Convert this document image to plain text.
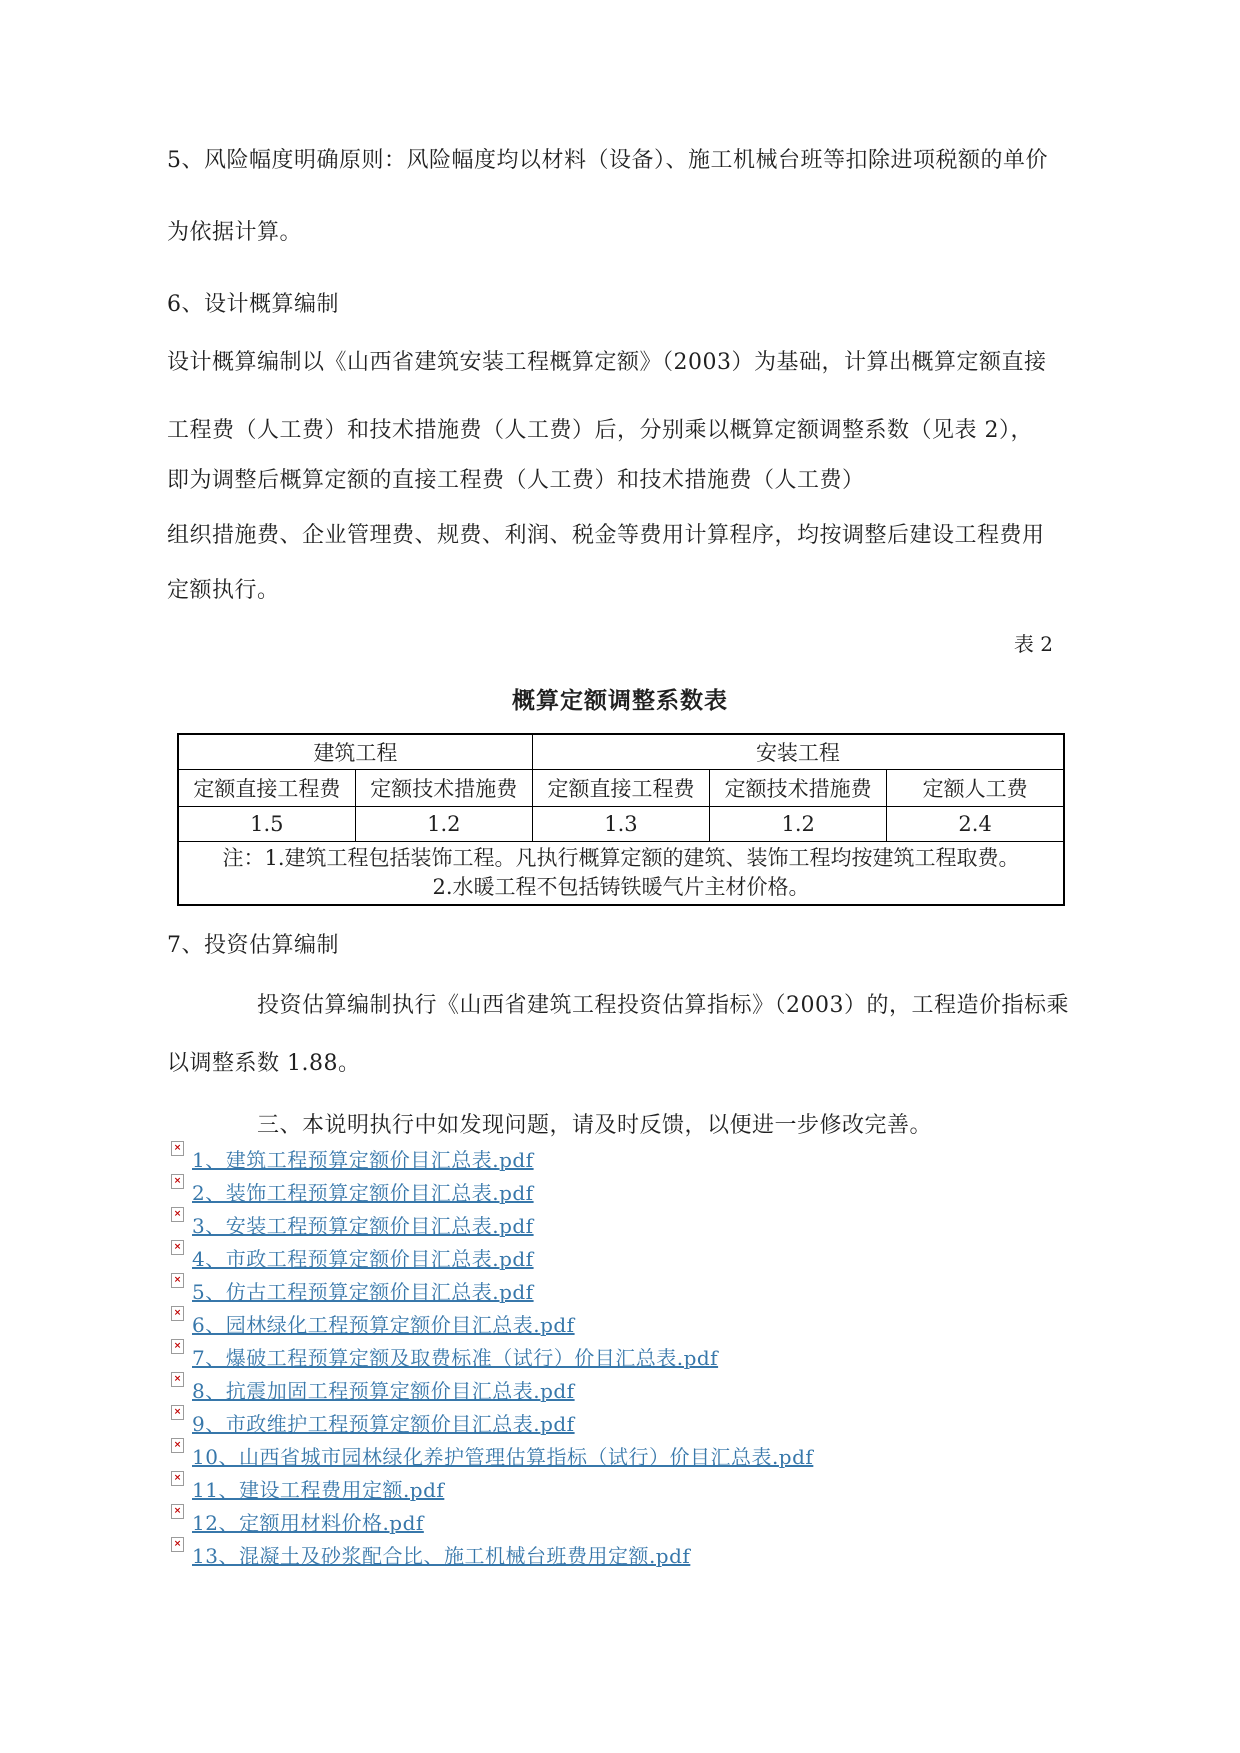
5、风险幅度明确原则：风险幅度均以材料（设备）、施工机械台班等扣除进项税额的单价
为依据计算。
6、设计概算编制
设计概算编制以《山西省建筑安装工程概算定额》（2003）为基础，计算出概算定额直接
工程费（人工费）和技术措施费（人工费）后，分别乘以概算定额调整系数（见表 2），
即为调整后概算定额的直接工程费（人工费）和技术措施费（人工费）
组织措施费、企业管理费、规费、利润、税金等费用计算程序，均按调整后建设工程费用
定额执行。
表 2
概算定额调整系数表
建筑工程		安装工程		
定额直接工程费	定额技术措施费	定额直接工程费	定额技术措施费	定额人工费
1.5	1.2	1.3	1.2	2.4

注：1.建筑工程包括装饰工程。凡执行概算定额的建筑、装饰工程均按建筑工程取费。
2.水暖工程不包括铸铁暖气片主材价格。				
7、投资估算编制
投资估算编制执行《山西省建筑工程投资估算指标》（2003）的，工程造价指标乘
以调整系数 1.88。
三、本说明执行中如发现问题，请及时反馈，以便进一步修改完善。
× 1、建筑工程预算定额价目汇总表.pdf
× 2、装饰工程预算定额价目汇总表.pdf
× 3、安装工程预算定额价目汇总表.pdf
× 4、市政工程预算定额价目汇总表.pdf
× 5、仿古工程预算定额价目汇总表.pdf
× 6、园林绿化工程预算定额价目汇总表.pdf
× 7、爆破工程预算定额及取费标准（试行）价目汇总表.pdf
× 8、抗震加固工程预算定额价目汇总表.pdf
× 9、市政维护工程预算定额价目汇总表.pdf
× 10、山西省城市园林绿化养护管理估算指标（试行）价目汇总表.pdf
× 11、建设工程费用定额.pdf
× 12、定额用材料价格.pdf
× 13、混凝土及砂浆配合比、施工机械台班费用定额.pdf
